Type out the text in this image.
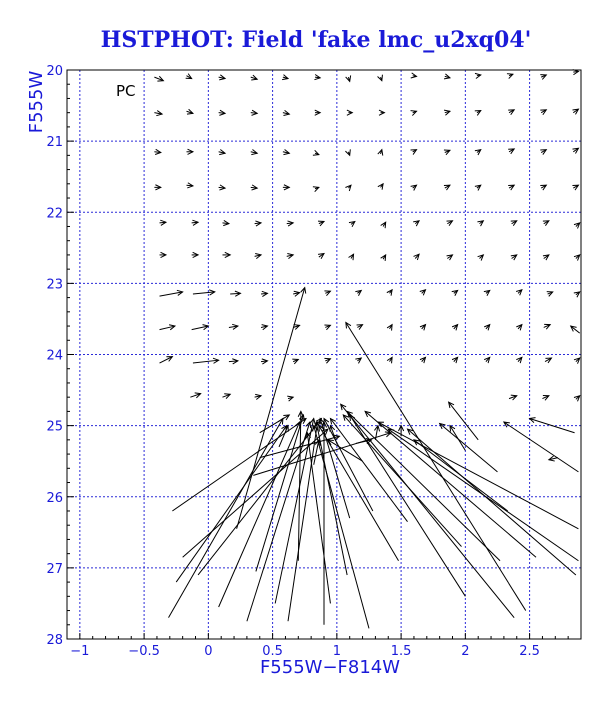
HSTPHOT: Field 'fake lmc_u2xq04'
−1	−0.5	0	0.5	1	1.5	2	2.5
20
21
22
23
24
25
26
27
28
PC
F555W−F814W
F555W
